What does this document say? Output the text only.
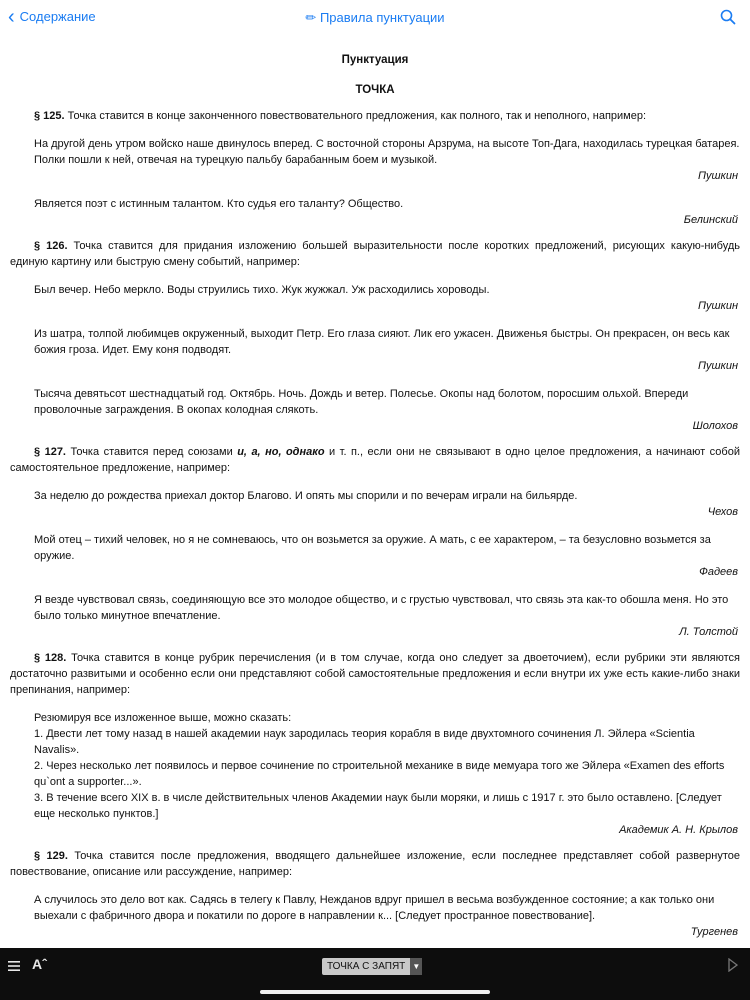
‹ Содержание	✏ Правила пунктуации
Пунктуация
ТОЧКА
§ 125. Точка ставится в конце законченного повествовательного предложения, как полного, так и неполного, например:
На другой день утром войско наше двинулось вперед. С восточной стороны Арзрума, на высоте Топ-Дага, находилась турецкая батарея. Полки пошли к ней, отвечая на турецкую пальбу барабанным боем и музыкой.
Пушкин
Является поэт с истинным талантом. Кто судья его таланту? Общество.
Белинский
§ 126. Точка ставится для придания изложению большей выразительности после коротких предложений, рисующих какую-нибудь единую картину или быструю смену событий, например:
Был вечер. Небо меркло. Воды струились тихо. Жук жужжал. Уж расходились хороводы.
Пушкин
Из шатра, толпой любимцев окруженный, выходит Петр. Его глаза сияют. Лик его ужасен. Движенья быстры. Он прекрасен, он весь как божия гроза. Идет. Ему коня подводят.
Пушкин
Тысяча девятьсот шестнадцатый год. Октябрь. Ночь. Дождь и ветер. Полесье. Окопы над болотом, поросшим ольхой. Впереди проволочные заграждения. В окопах колодная слякоть.
Шолохов
§ 127. Точка ставится перед союзами и, а, но, однако и т. п., если они не связывают в одно целое предложения, а начинают собой самостоятельное предложение, например:
За неделю до рождества приехал доктор Благово. И опять мы спорили и по вечерам играли на бильярде.
Чехов
Мой отец – тихий человек, но я не сомневаюсь, что он возьмется за оружие. А мать, с ее характером, – та безусловно возьмется за оружие.
Фадеев
Я везде чувствовал связь, соединяющую все это молодое общество, и с грустью чувствовал, что связь эта как-то обошла меня. Но это было только минутное впечатление.
Л. Толстой
§ 128. Точка ставится в конце рубрик перечисления (и в том случае, когда оно следует за двоеточием), если рубрики эти являются достаточно развитыми и особенно если они представляют собой самостоятельные предложения и если внутри их уже есть какие-либо знаки препинания, например:
Резюмируя все изложенное выше, можно сказать:
1. Двести лет тому назад в нашей академии наук зародилась теория корабля в виде двухтомного сочинения Л. Эйлера «Scientia Navalis».
2. Через несколько лет появилось и первое сочинение по строительной механике в виде мемуара того же Эйлера «Examen des efforts qu`ont a supporter...».
3. В течение всего XIX в. в числе действительных членов Академии наук были моряки, и лишь с 1917 г. это было оставлено. [Следует еще несколько пунктов.]
Академик А. Н. Крылов
§ 129. Точка ставится после предложения, вводящего дальнейшее изложение, если последнее представляет собой развернутое повествование, описание или рассуждение, например:
А случилось это дело вот как. Садясь в телегу к Павлу, Нежданов вдруг пришел в весьма возбужденное состояние; а как только они выехали с фабричного двора и покатили по дороге в направлении к... [Следует пространное повествование].
Тургенев
Aˆ	ТОЧКА С ЗАПЯТ ▼
